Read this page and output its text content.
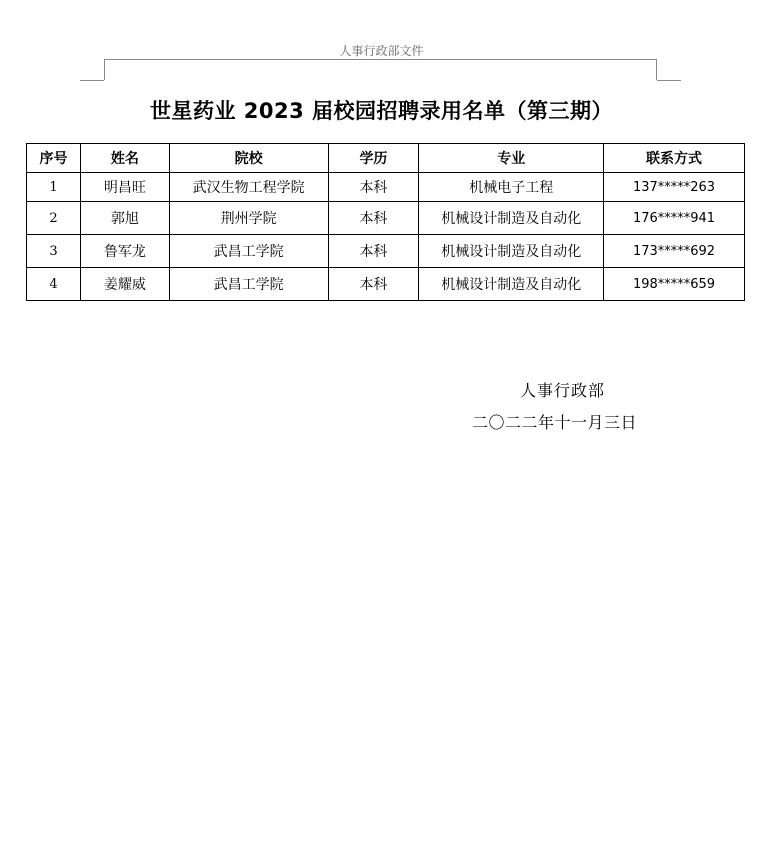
人事行政部文件
世星药业 2023 届校园招聘录用名单（第三期）
序号	姓名	院校	学历	专业	联系方式
1	明昌旺	武汉生物工程学院	本科	机械电子工程	137*****263
2	郭旭	荆州学院	本科	机械设计制造及自动化	176*****941
3	鲁军龙	武昌工学院	本科	机械设计制造及自动化	173*****692
4	姜耀威	武昌工学院	本科	机械设计制造及自动化	198*****659
人事行政部
二〇二二年十一月三日
